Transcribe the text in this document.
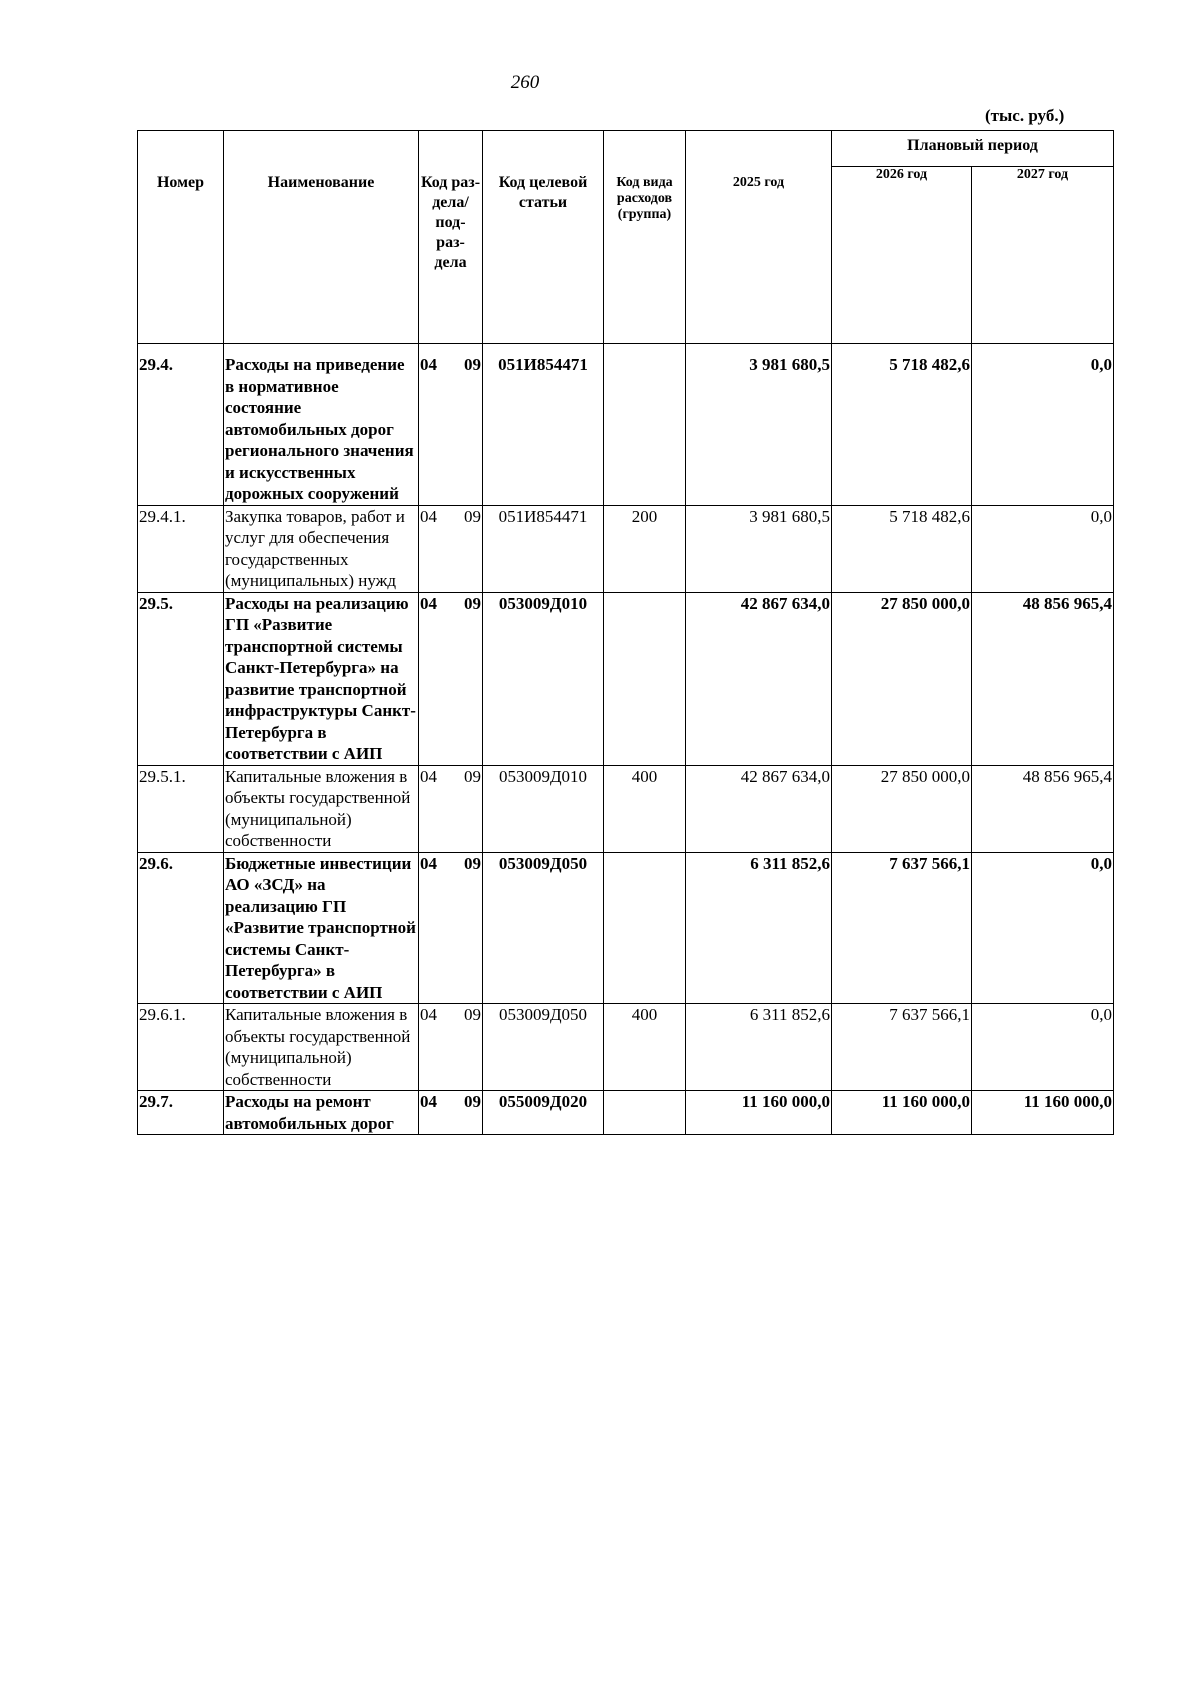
260
(тыс. руб.)
Номер	Наименование	Код раз- дела/ под- раз- дела	Код целевой статьи	Код вида расходов (группа)	2025 год	Плановый период	
						2026 год	2027 год
29.4.	Расходы на приведение в нормативное состояние автомобильных дорог регионального значения и искусственных дорожных сооружений	04 09	051И854471		3 981 680,5	5 718 482,6	0,0
29.4.1.	Закупка товаров, работ и услуг для обеспечения государственных (муниципальных) нужд	04 09	051И854471	200	3 981 680,5	5 718 482,6	0,0
29.5.	Расходы на реализацию ГП «Развитие транспортной системы Санкт-Петербурга» на развитие транспортной инфраструктуры Санкт-Петербурга в соответствии с АИП	04 09	053009Д010		42 867 634,0	27 850 000,0	48 856 965,4
29.5.1.	Капитальные вложения в объекты государственной (муниципальной) собственности	04 09	053009Д010	400	42 867 634,0	27 850 000,0	48 856 965,4
29.6.	Бюджетные инвестиции АО «ЗСД» на реализацию ГП «Развитие транспортной системы Санкт-Петербурга» в соответствии с АИП	04 09	053009Д050		6 311 852,6	7 637 566,1	0,0
29.6.1.	Капитальные вложения в объекты государственной (муниципальной) собственности	04 09	053009Д050	400	6 311 852,6	7 637 566,1	0,0
29.7.	Расходы на ремонт автомобильных дорог	04 09	055009Д020		11 160 000,0	11 160 000,0	11 160 000,0
